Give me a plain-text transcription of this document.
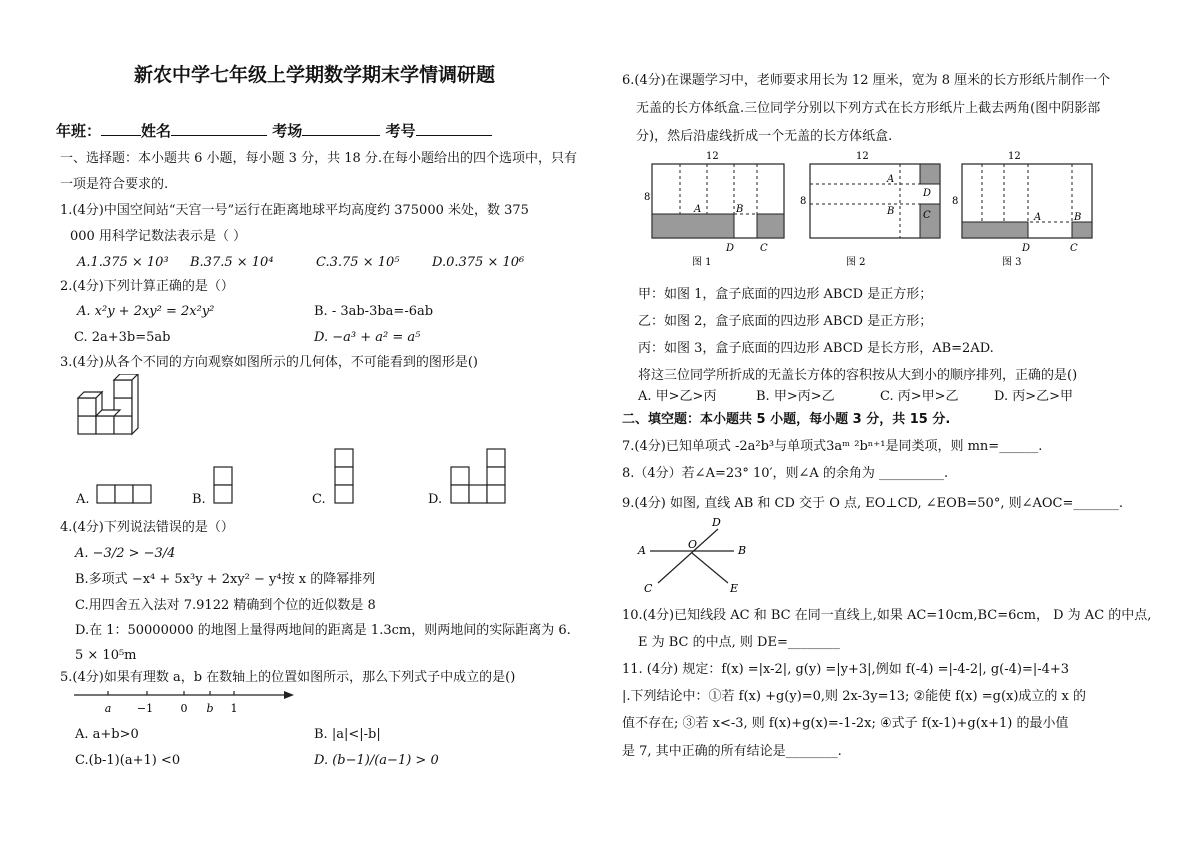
新农中学七年级上学期数学期末学情调研题
年班：	姓名	考场	考号
一、选择题：本小题共 6 小题，每小题 3 分，共 18 分.在每小题给出的四个选项中，只有
一项是符合要求的.
1.(4分)中国空间站“天宫一号”运行在距离地球平均高度约 375000 米处，数 375
000 用科学记数法表示是（ ）
A.1.375 × 10³ B.37.5 × 10⁴	C.3.75 × 10⁵	D.0.375 × 10⁶
2.(4分)下列计算正确的是（）
A. x²y + 2xy² = 2x²y²	B. - 3ab-3ba=-6ab
C. 2a+3b=5ab	D. −a³ + a² = a⁵
3.(4分)从各个不同的方向观察如图所示的几何体，不可能看到的图形是()
A.	B.	C.	D.
4.(4分)下列说法错误的是（）
A. −3/2 > −3/4
B.多项式 −x⁴ + 5x³y + 2xy² − y⁴按 x 的降幂排列
C.用四舍五入法对 7.9122 精确到个位的近似数是 8
D.在 1：50000000 的地图上量得两地间的距离是 1.3cm，则两地间的实际距离为 6.
5 × 10⁵m
5.(4分)如果有理数 a，b 在数轴上的位置如图所示，那么下列式子中成立的是()
a −1 0 b 1
A. a+b>0	B. |a|<|-b|
C.(b-1)(a+1) <0	D. (b−1)/(a−1) > 0
6.(4分)在课题学习中，老师要求用长为 12 厘米，宽为 8 厘米的长方形纸片制作一个
无盖的长方体纸盒.三位同学分别以下列方式在长方形纸片上截去两角(图中阴影部
分)，然后沿虚线折成一个无盖的长方体纸盒.
12
8
A	B
D	C
图 1
12
8
A
B
D
C
图 2
12
8
A	B
D	C
图 3
甲：如图 1，盒子底面的四边形 ABCD 是正方形；
乙：如图 2，盒子底面的四边形 ABCD 是正方形；
丙：如图 3，盒子底面的四边形 ABCD 是长方形，AB=2AD.
将这三位同学所折成的无盖长方体的容积按从大到小的顺序排列，正确的是()
A. 甲>乙>丙	B. 甲>丙>乙	C. 丙>甲>乙	D. 丙>乙>甲
二、填空题：本小题共 5 小题，每小题 3 分，共 15 分.
7.(4分)已知单项式 -2a²b³与单项式3aᵐ ²bⁿ⁺¹是同类项，则 mn=______.
8.（4分）若∠A=23° 10′，则∠A 的余角为 __________.
9.(4分) 如图, 直线 AB 和 CD 交于 O 点, EO⊥CD, ∠EOB=50°, 则∠AOC=_______.
D
A	O	B
C	E
10.(4分)已知线段 AC 和 BC 在同一直线上,如果 AC=10cm,BC=6cm， D 为 AC 的中点,
E 为 BC 的中点, 则 DE=________
11. (4分) 规定：f(x) =|x-2|, g(y) =|y+3|,例如 f(-4) =|-4-2|, g(-4)=|-4+3
|.下列结论中：①若 f(x) +g(y)=0,则 2x-3y=13; ②能使 f(x) =g(x)成立的 x 的
值不存在; ③若 x<-3, 则 f(x)+g(x)=-1-2x; ④式子 f(x-1)+g(x+1) 的最小值
是 7, 其中正确的所有结论是________.
